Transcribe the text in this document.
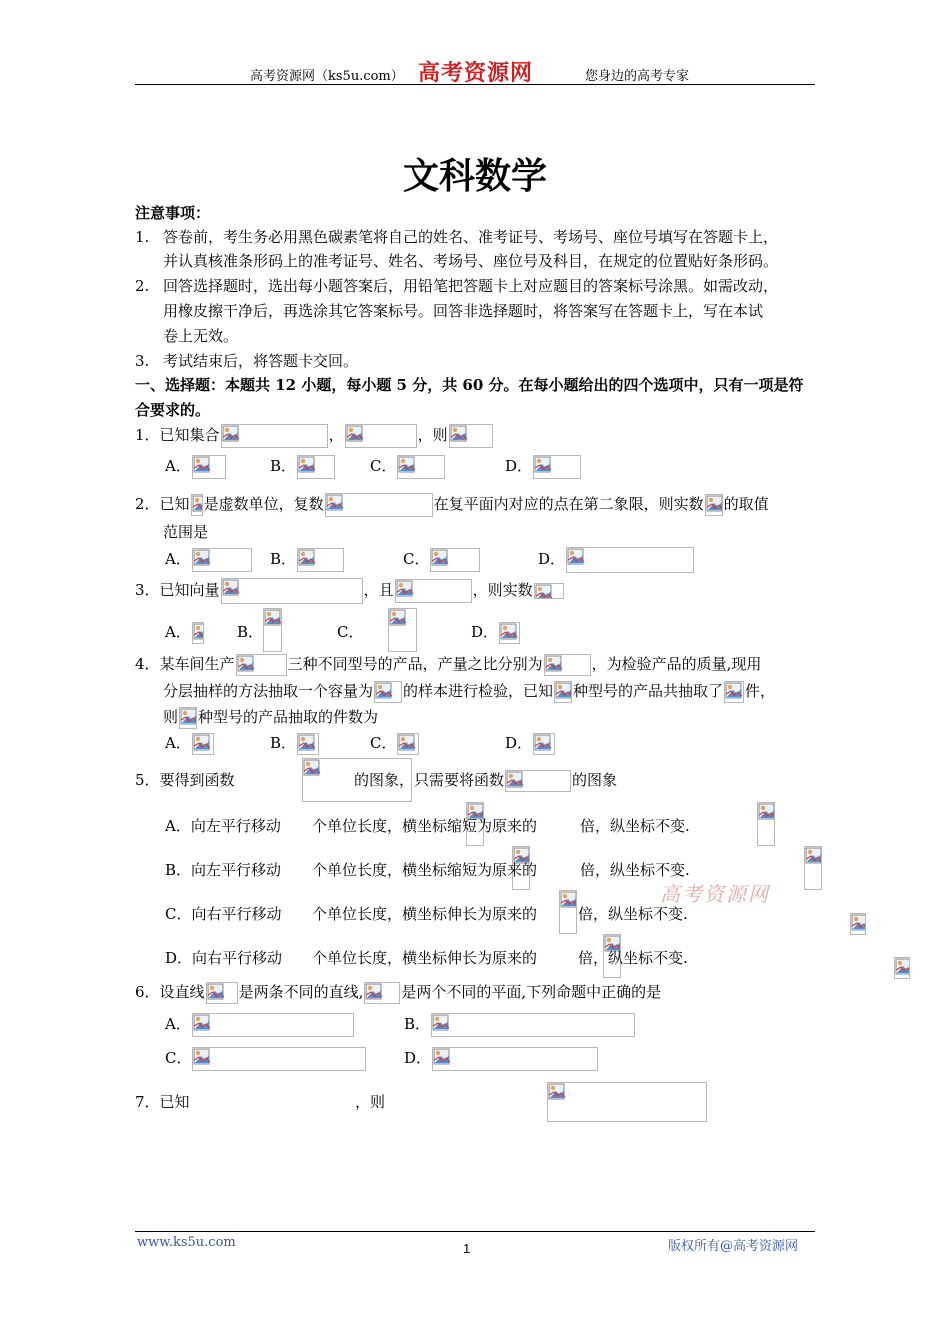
高考资源网（ks5u.com） 高考资源网	您身边的高考专家
文科数学
注意事项：
1. 答卷前，考生务必用黑色碳素笔将自己的姓名、准考证号、考场号、座位号填写在答题卡上，
并认真核准条形码上的准考证号、姓名、考场号、座位号及科目，在规定的位置贴好条形码。
2. 回答选择题时，选出每小题答案后，用铅笔把答题卡上对应题目的答案标号涂黑。如需改动，
用橡皮擦干净后，再选涂其它答案标号。回答非选择题时，将答案写在答题卡上，写在本试
卷上无效。
3. 考试结束后，将答题卡交回。
一、选择题：本题共 12 小题，每小题 5 分，共 60 分。在每小题给出的四个选项中，只有一项是符
合要求的。
1．已知集合	，	，则
A．	B．	C．	D．
2．已知 是虚数单位，复数	在复平面内对应的点在第二象限，则实数 的取值
范围是
A．	B．	C．	D．
3．已知向量	，且	，则实数
A．	B．
	C．
	D．
4．某车间生产	三种不同型号的产品，产量之比分别为	，为检验产品的质量,现用
分层抽样的方法抽取一个容量为 的样本进行检验，已知 种型号的产品共抽取了 件，
则 种型号的产品抽取的件数为
A．	B．	C．	D．
5．要得到函数
	的图象，只需要将函数	的图象
A．向左平行移动
个单位长度，横坐标缩短为原来的
	倍，纵坐标不变.
B．向左平行移动
个单位长度，横坐标缩短为原来的
	倍，纵坐标不变.
C．向右平行移动
个单位长度，横坐标伸长为原来的
	倍，纵坐标不变.
D．向右平行移动
个单位长度，横坐标伸长为原来的
	倍，纵坐标不变.
高考资源网
6．设直线 是两条不同的直线,	是两个不同的平面,下列命题中正确的是
A．	B．
C．	D．
7．已知	，则
www.ks5u.com	1	版权所有@高考资源网
